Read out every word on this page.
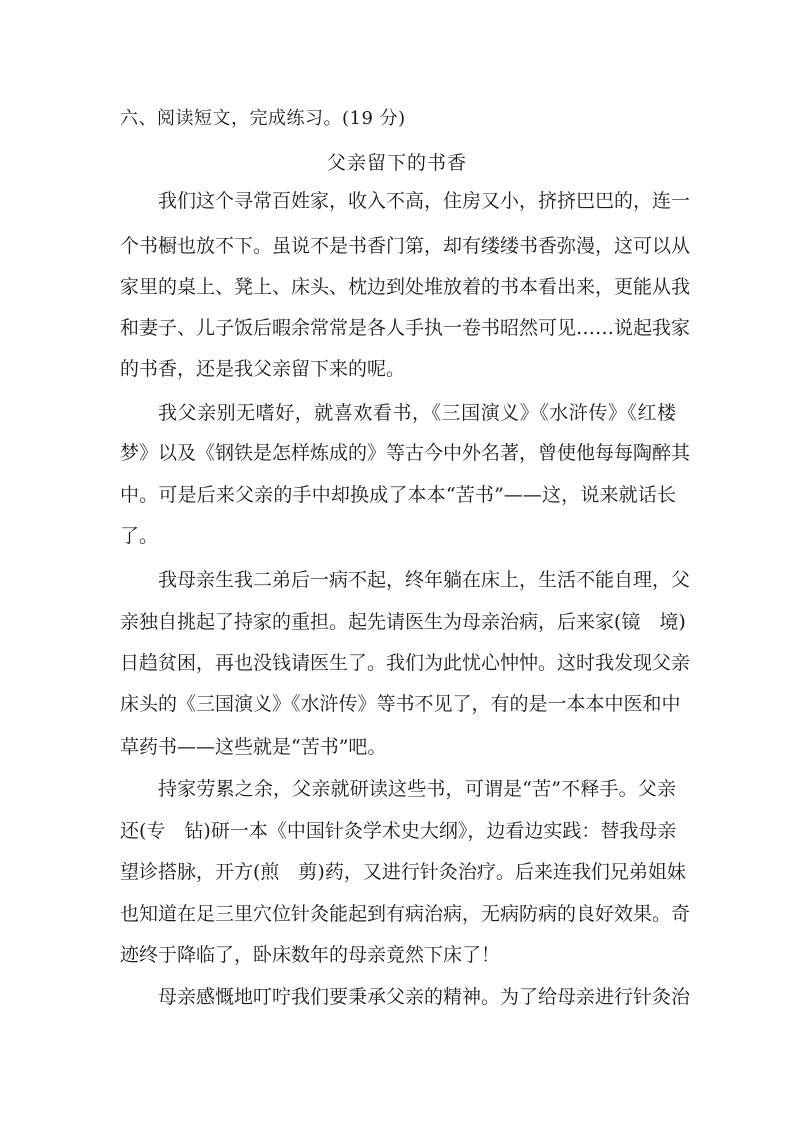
六、阅读短文，完成练习。(19 分)
父亲留下的书香
我们这个寻常百姓家，收入不高，住房又小，挤挤巴巴的，连一
个书橱也放不下。虽说不是书香门第，却有缕缕书香弥漫，这可以从
家里的桌上、凳上、床头、枕边到处堆放着的书本看出来，更能从我
和妻子、儿子饭后暇余常常是各人手执一卷书昭然可见……说起我家
的书香，还是我父亲留下来的呢。
我父亲别无嗜好，就喜欢看书，《三国演义》《水浒传》《红楼
梦》以及《钢铁是怎样炼成的》等古今中外名著，曾使他每每陶醉其
中。可是后来父亲的手中却换成了本本“苦书”——这，说来就话长
了。
我母亲生我二弟后一病不起，终年躺在床上，生活不能自理，父
亲独自挑起了持家的重担。起先请医生为母亲治病，后来家(镜　境)
日趋贫困，再也没钱请医生了。我们为此忧心忡忡。这时我发现父亲
床头的《三国演义》《水浒传》等书不见了，有的是一本本中医和中
草药书——这些就是“苦书”吧。
持家劳累之余，父亲就研读这些书，可谓是“苦”不释手。父亲
还(专　钻)研一本《中国针灸学术史大纲》，边看边实践：替我母亲
望诊搭脉，开方(煎　剪)药，又进行针灸治疗。后来连我们兄弟姐妹
也知道在足三里穴位针灸能起到有病治病，无病防病的良好效果。奇
迹终于降临了，卧床数年的母亲竟然下床了！
母亲感慨地叮咛我们要秉承父亲的精神。为了给母亲进行针灸治
